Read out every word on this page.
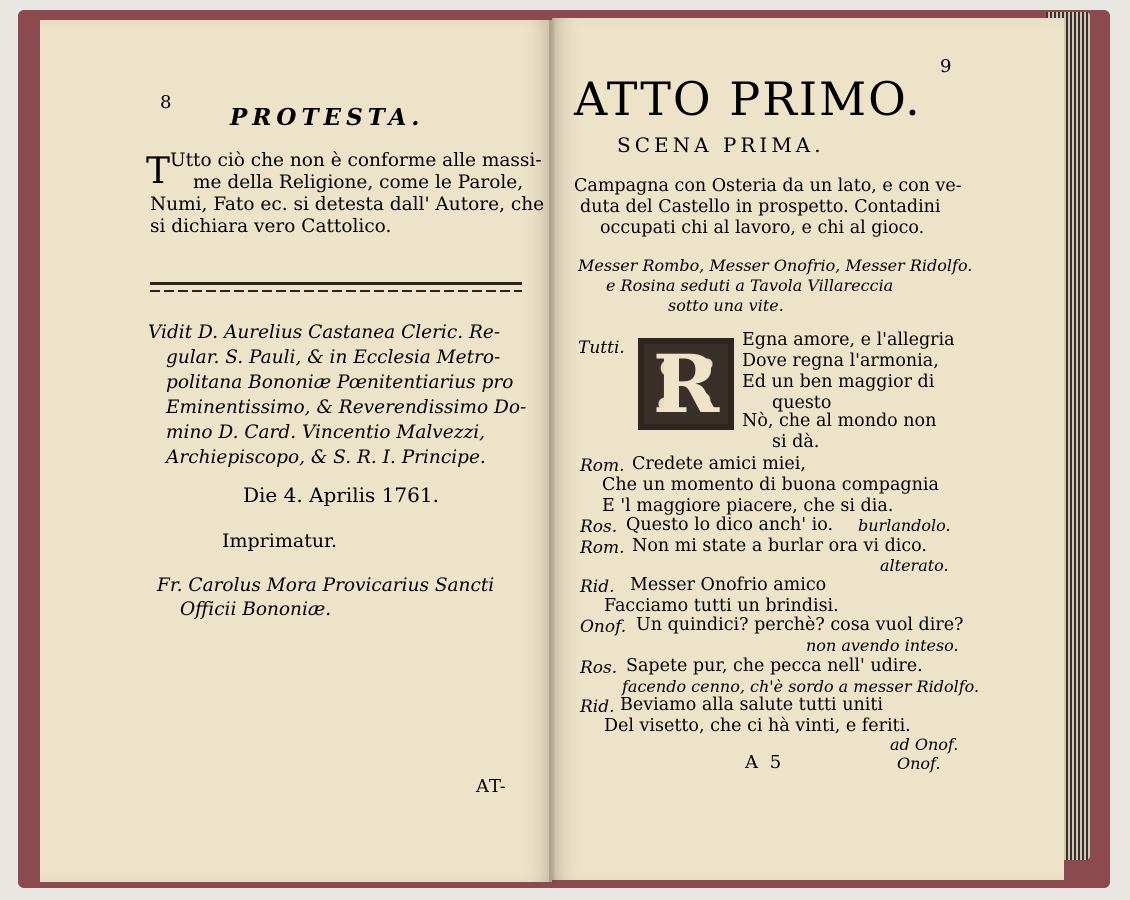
8
PROTESTA.
T Utto ciò che non è conforme alle massi-
me della Religione, come le Parole,
Numi, Fato ec. si detesta dall' Autore, che
si dichiara vero Cattolico.
Vidit D. Aurelius Castanea Cleric. Re-
gular. S. Pauli, & in Ecclesia Metro-
politana Bononiæ Pœnitentiarius pro
Eminentissimo, & Reverendissimo Do-
mino D. Card. Vincentio Malvezzi,
Archiepiscopo, & S. R. I. Principe.
Die 4. Aprilis 1761.
Imprimatur.
Fr. Carolus Mora Provicarius Sancti
Officii Bononiæ.
AT-
9
ATTO PRIMO.
SCENA PRIMA.
Campagna con Osteria da un lato, e con ve-
duta del Castello in prospetto. Contadini
occupati chi al lavoro, e chi al gioco.
Messer Rombo, Messer Onofrio, Messer Ridolfo.
e Rosina seduti a Tavola Villareccia
sotto una vite.
Tutti. R	Egna amore, e l'allegria
Dove regna l'armonia,
Ed un ben maggior di
questo
Nò, che al mondo non
si dà.
Rom. Credete amici miei,
Che un momento di buona compagnia
E 'l maggiore piacere, che si dia.
Ros. Questo lo dico anch' io. burlandolo.
Rom. Non mi state a burlar ora vi dico.
alterato.
Rid. Messer Onofrio amico
Facciamo tutti un brindisi.
Onof. Un quindici? perchè? cosa vuol dire?
non avendo inteso.
Ros. Sapete pur, che pecca nell' udire.
facendo cenno, ch'è sordo a messer Ridolfo.
Rid. Beviamo alla salute tutti uniti
Del visetto, che ci hà vinti, e feriti.
ad Onof.
A 5	Onof.
